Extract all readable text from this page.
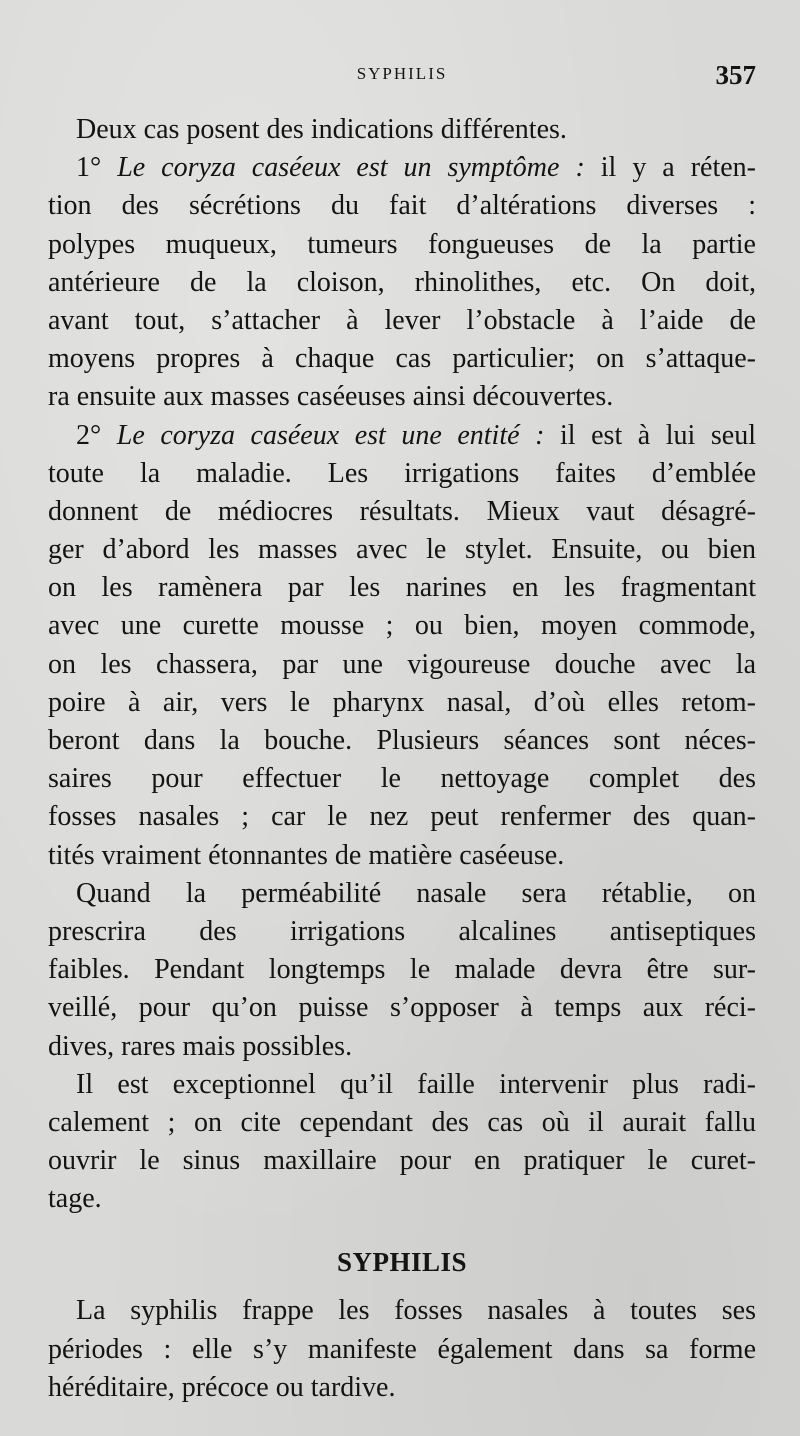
SYPHILIS	357
Deux cas posent des indications différentes.
1° Le coryza caséeux est un symptôme : il y a réten-
tion des sécrétions du fait d’altérations diverses :
polypes muqueux, tumeurs fongueuses de la partie
antérieure de la cloison, rhinolithes, etc. On doit,
avant tout, s’attacher à lever l’obstacle à l’aide de
moyens propres à chaque cas particulier; on s’attaque-
ra ensuite aux masses caséeuses ainsi découvertes.
2° Le coryza caséeux est une entité : il est à lui seul
toute la maladie. Les irrigations faites d’emblée
donnent de médiocres résultats. Mieux vaut désagré-
ger d’abord les masses avec le stylet. Ensuite, ou bien
on les ramènera par les narines en les fragmentant
avec une curette mousse ; ou bien, moyen commode,
on les chassera, par une vigoureuse douche avec la
poire à air, vers le pharynx nasal, d’où elles retom-
beront dans la bouche. Plusieurs séances sont néces-
saires pour effectuer le nettoyage complet des
fosses nasales ; car le nez peut renfermer des quan-
tités vraiment étonnantes de matière caséeuse.
Quand la perméabilité nasale sera rétablie, on
prescrira des irrigations alcalines antiseptiques
faibles. Pendant longtemps le malade devra être sur-
veillé, pour qu’on puisse s’opposer à temps aux réci-
dives, rares mais possibles.
Il est exceptionnel qu’il faille intervenir plus radi-
calement ; on cite cependant des cas où il aurait fallu
ouvrir le sinus maxillaire pour en pratiquer le curet-
tage.
SYPHILIS
La syphilis frappe les fosses nasales à toutes ses
périodes : elle s’y manifeste également dans sa forme
héréditaire, précoce ou tardive.
